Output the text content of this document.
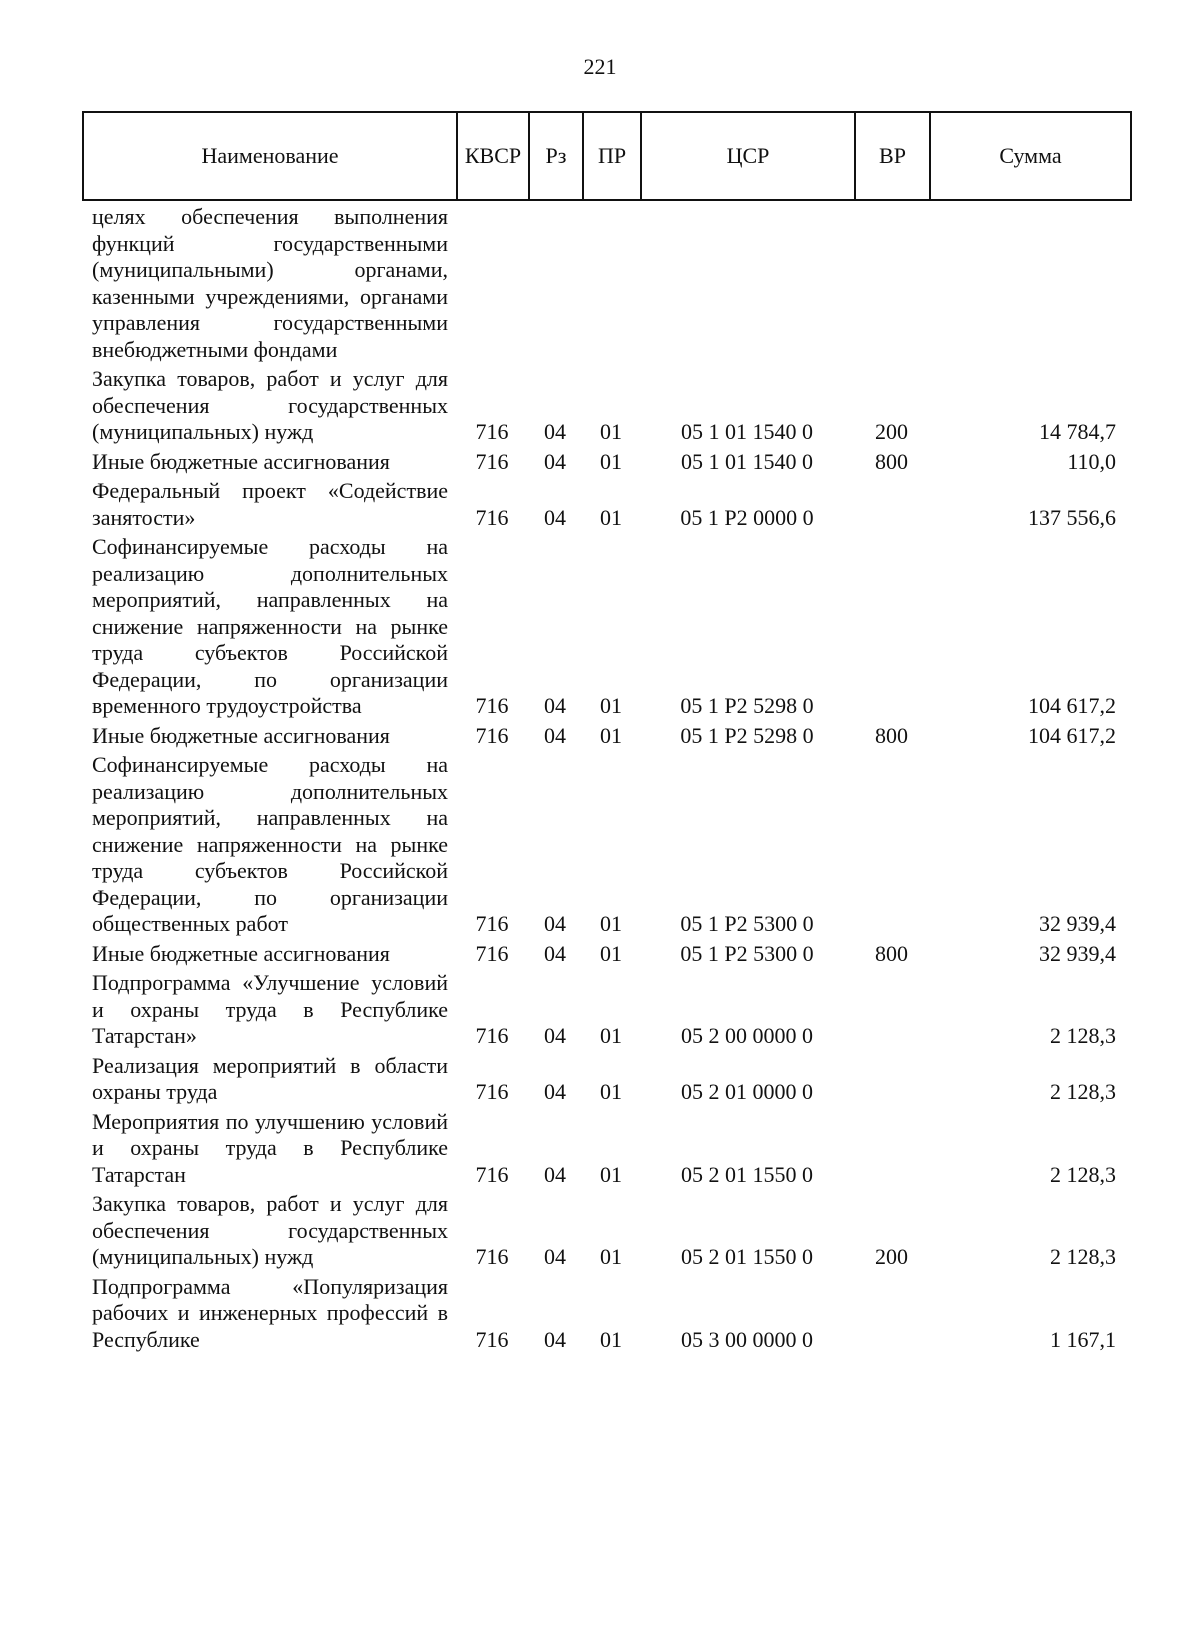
221
Наименование	КВСР	Рз	ПР	ЦСР	ВР	Сумма
целях обеспечения выполнения функций государственными (муниципальными) органами, казенными учреждениями, органами управления государственными внебюджетными фондами						
Закупка товаров, работ и услуг для обеспечения государственных (муниципальных) нужд	716	04	01	05 1 01 1540 0	200	14 784,7
Иные бюджетные ассигнования	716	04	01	05 1 01 1540 0	800	110,0
Федеральный проект «Содействие занятости»	716	04	01	05 1 P2 0000 0		137 556,6
Софинансируемые расходы на реализацию дополнительных мероприятий, направленных на снижение напряженности на рынке труда субъектов Российской Федерации, по организации временного трудоустройства	716	04	01	05 1 P2 5298 0		104 617,2
Иные бюджетные ассигнования	716	04	01	05 1 P2 5298 0	800	104 617,2
Софинансируемые расходы на реализацию дополнительных мероприятий, направленных на снижение напряженности на рынке труда субъектов Российской Федерации, по организации общественных работ	716	04	01	05 1 P2 5300 0		32 939,4
Иные бюджетные ассигнования	716	04	01	05 1 P2 5300 0	800	32 939,4
Подпрограмма «Улучшение условий и охраны труда в Республике Татарстан»	716	04	01	05 2 00 0000 0		2 128,3
Реализация мероприятий в области охраны труда	716	04	01	05 2 01 0000 0		2 128,3
Мероприятия по улучшению условий и охраны труда в Республике Татарстан	716	04	01	05 2 01 1550 0		2 128,3
Закупка товаров, работ и услуг для обеспечения государственных (муниципальных) нужд	716	04	01	05 2 01 1550 0	200	2 128,3
Подпрограмма «Популяризация рабочих и инженерных профессий в Республике	716	04	01	05 3 00 0000 0		1 167,1
